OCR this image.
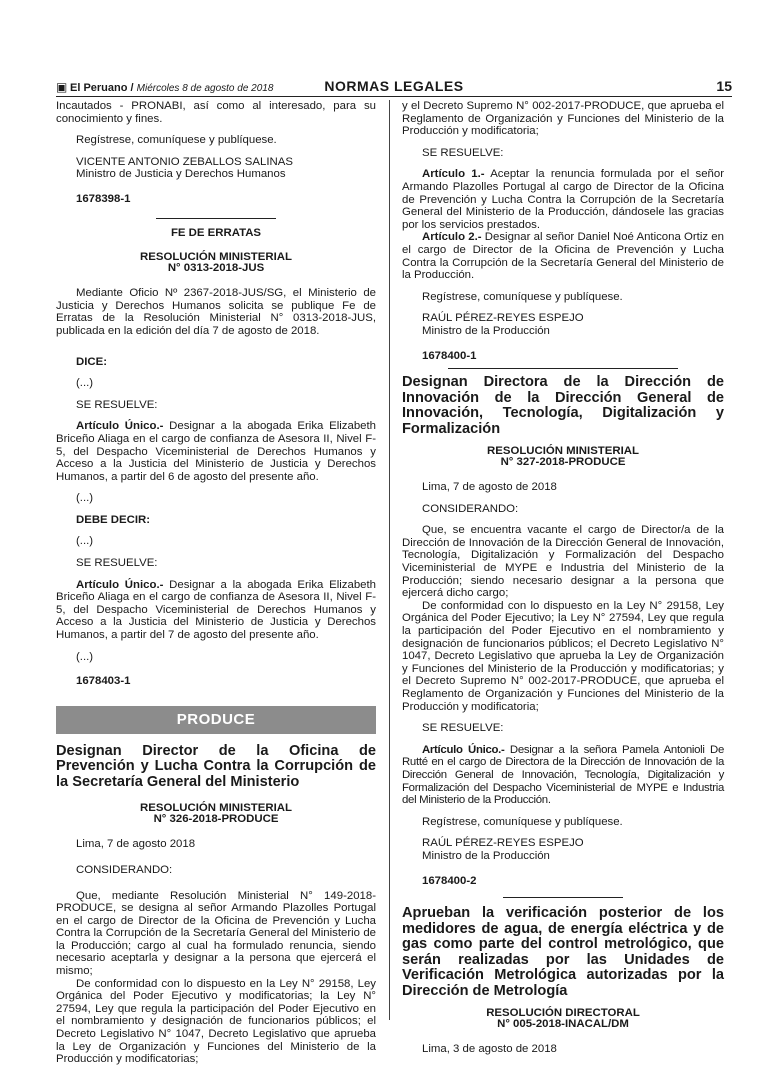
▣ El Peruano / Miércoles 8 de agosto de 2018	NORMAS LEGALES	15

Incautados - PRONABI, así como al interesado, para su conocimiento y fines.

Regístrese, comuníquese y publíquese.

VICENTE ANTONIO ZEBALLOS SALINAS

Ministro de Justicia y Derechos Humanos

1678398-1

FE DE ERRATAS

RESOLUCIÓN MINISTERIAL

N° 0313-2018-JUS

Mediante Oficio Nº 2367-2018-JUS/SG, el Ministerio de Justicia y Derechos Humanos solicita se publique Fe de Erratas de la Resolución Ministerial N° 0313-2018-JUS, publicada en la edición del día 7 de agosto de 2018.

DICE:

(...)

SE RESUELVE:

Artículo Único.- Designar a la abogada Erika Elizabeth Briceño Aliaga en el cargo de confianza de Asesora II, Nivel F-5, del Despacho Viceministerial de Derechos Humanos y Acceso a la Justicia del Ministerio de Justicia y Derechos Humanos, a partir del 6 de agosto del presente año.

(...)

DEBE DECIR:

(...)

SE RESUELVE:

Artículo Único.- Designar a la abogada Erika Elizabeth Briceño Aliaga en el cargo de confianza de Asesora II, Nivel F-5, del Despacho Viceministerial de Derechos Humanos y Acceso a la Justicia del Ministerio de Justicia y Derechos Humanos, a partir del 7 de agosto del presente año.

(...)

1678403-1

PRODUCE

Designan Director de la Oficina de Prevención y Lucha Contra la Corrupción de la Secretaría General del Ministerio

RESOLUCIÓN MINISTERIAL

N° 326-2018-PRODUCE

Lima, 7 de agosto 2018

CONSIDERANDO:

Que, mediante Resolución Ministerial N° 149-2018-PRODUCE, se designa al señor Armando Plazolles Portugal en el cargo de Director de la Oficina de Prevención y Lucha Contra la Corrupción de la Secretaría General del Ministerio de la Producción; cargo al cual ha formulado renuncia, siendo necesario aceptarla y designar a la persona que ejercerá el mismo;

De conformidad con lo dispuesto en la Ley N° 29158, Ley Orgánica del Poder Ejecutivo y modificatorias; la Ley N° 27594, Ley que regula la participación del Poder Ejecutivo en el nombramiento y designación de funcionarios públicos; el Decreto Legislativo N° 1047, Decreto Legislativo que aprueba la Ley de Organización y Funciones del Ministerio de la Producción y modificatorias;

y el Decreto Supremo N° 002-2017-PRODUCE, que aprueba el Reglamento de Organización y Funciones del Ministerio de la Producción y modificatoria;

SE RESUELVE:

Artículo 1.- Aceptar la renuncia formulada por el señor Armando Plazolles Portugal al cargo de Director de la Oficina de Prevención y Lucha Contra la Corrupción de la Secretaría General del Ministerio de la Producción, dándosele las gracias por los servicios prestados.

Artículo 2.- Designar al señor Daniel Noé Anticona Ortiz en el cargo de Director de la Oficina de Prevención y Lucha Contra la Corrupción de la Secretaría General del Ministerio de la Producción.

Regístrese, comuníquese y publíquese.

RAÚL PÉREZ-REYES ESPEJO

Ministro de la Producción

1678400-1

Designan Directora de la Dirección de Innovación de la Dirección General de Innovación, Tecnología, Digitalización y Formalización

RESOLUCIÓN MINISTERIAL

N° 327-2018-PRODUCE

Lima, 7 de agosto de 2018

CONSIDERANDO:

Que, se encuentra vacante el cargo de Director/a de la Dirección de Innovación de la Dirección General de Innovación, Tecnología, Digitalización y Formalización del Despacho Viceministerial de MYPE e Industria del Ministerio de la Producción; siendo necesario designar a la persona que ejercerá dicho cargo;

De conformidad con lo dispuesto en la Ley N° 29158, Ley Orgánica del Poder Ejecutivo; la Ley N° 27594, Ley que regula la participación del Poder Ejecutivo en el nombramiento y designación de funcionarios públicos; el Decreto Legislativo N° 1047, Decreto Legislativo que aprueba la Ley de Organización y Funciones del Ministerio de la Producción y modificatorias; y el Decreto Supremo N° 002-2017-PRODUCE, que aprueba el Reglamento de Organización y Funciones del Ministerio de la Producción y modificatoria;

SE RESUELVE:

Artículo Único.- Designar a la señora Pamela Antonioli De Rutté en el cargo de Directora de la Dirección de Innovación de la Dirección General de Innovación, Tecnología, Digitalización y Formalización del Despacho Viceministerial de MYPE e Industria del Ministerio de la Producción.

Regístrese, comuníquese y publíquese.

RAÚL PÉREZ-REYES ESPEJO

Ministro de la Producción

1678400-2

Aprueban la verificación posterior de los medidores de agua, de energía eléctrica y de gas como parte del control metrológico, que serán realizadas por las Unidades de Verificación Metrológica autorizadas por la Dirección de Metrología

RESOLUCIÓN DIRECTORAL

N° 005-2018-INACAL/DM

Lima, 3 de agosto de 2018
